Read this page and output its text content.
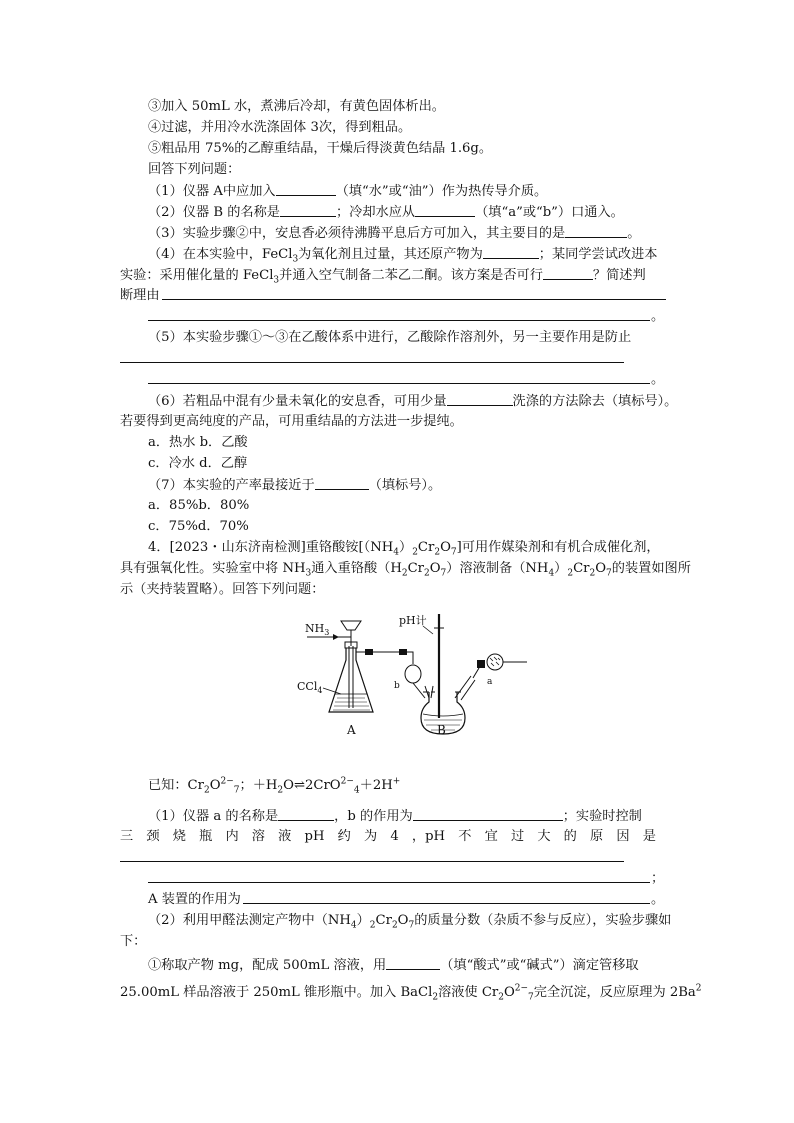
③加入 50mL 水，煮沸后冷却，有黄色固体析出。
④过滤，并用冷水洗涤固体 3次，得到粗品。
⑤粗品用 75%的乙醇重结晶，干燥后得淡黄色结晶 1.6g。
回答下列问题：
（1）仪器 A中应加入	（填“水”或“油”）作为热传导介质。
（2）仪器 B 的名称是	；冷却水应从	（填“a”或“b”）口通入。
（3）实验步骤②中，安息香必须待沸腾平息后方可加入，其主要目的是	。
（4）在本实验中，FeCl$_3$为氧化剂且过量，其还原产物为	；某同学尝试改进本
实验：采用催化量的 FeCl$_3$并通入空气制备二苯乙二酮。该方案是否可行	？简述判
断理由
。
（5）本实验步骤①～③在乙酸体系中进行，乙酸除作溶剂外，另一主要作用是防止
。
（6）若粗品中混有少量未氧化的安息香，可用少量	洗涤的方法除去（填标号）。
若要得到更高纯度的产品，可用重结晶的方法进一步提纯。
a．热水 b．乙酸
c．冷水 d．乙醇
（7）本实验的产率最接近于	（填标号）。
a．85%b．80%
c．75%d．70%
4．[2023・山东济南检测]重铬酸铵$[(NH_4)_2Cr_2O_7]$可用作媒染剂和有机合成催化剂，
具有强氧化性。实验室中将 $NH_3$通入重铬酸$(H_2Cr_2O_7)$溶液制备$(NH_4)_2Cr_2O_7$的装置如图所
示（夹持装置略）。回答下列问题：
$NH_3$
CCl$_4$	b
pH计
a
A	B
已知：$Cr_2O^{2-}_7$；$+H_2O\rightleftharpoons 2CrO^{2-}_4+2H^+$
（1）仪器 a 的名称是	，b 的作用为	；实验时控制
三 颈 烧 瓶 内 溶 液 pH 约 为 4 ，pH 不 宜 过 大 的 原 因 是
；
A 装置的作用为	。
（2）利用甲醛法测定产物中$(NH_4)_2Cr_2O_7$的质量分数（杂质不参与反应），实验步骤如
下：
①称取产物 mg，配成 500mL 溶液，用	（填“酸式”或“碱式”）滴定管移取
25.00mL 样品溶液于 250mL 锥形瓶中。加入 BaCl$_2$溶液使 $Cr_2O^{2-}_7$完全沉淀，反应原理为 2Ba$^2$
